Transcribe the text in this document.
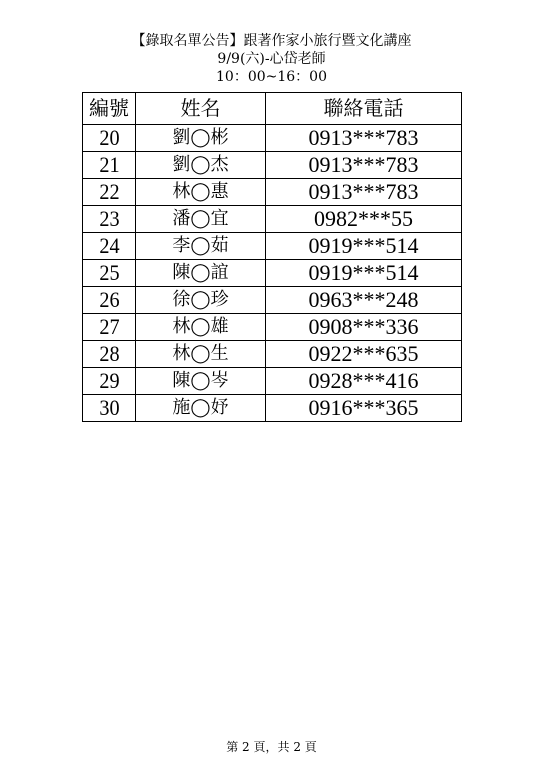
【錄取名單公告】跟著作家小旅行暨文化講座
9/9(六)-心岱老師
10：00~16：00
編號	姓名	聯絡電話
20	劉◯彬	0913***783
21	劉◯杰	0913***783
22	林◯惠	0913***783
23	潘◯宜	0982***55
24	李◯茹	0919***514
25	陳◯誼	0919***514
26	徐◯珍	0963***248
27	林◯雄	0908***336
28	林◯生	0922***635
29	陳◯岑	0928***416
30	施◯妤	0916***365
第 2 頁，共 2 頁
